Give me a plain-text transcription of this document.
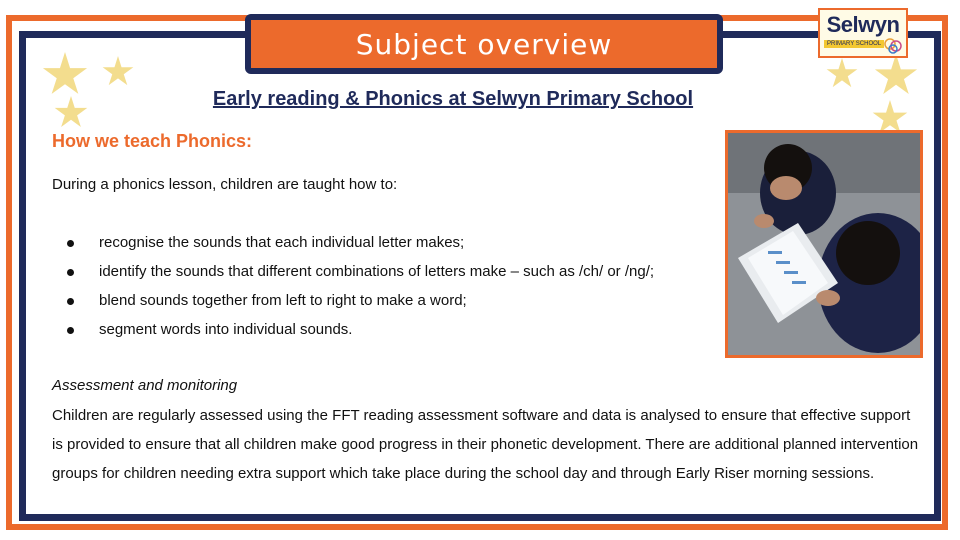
Subject overview
Selwyn
PRIMARY SCHOOL
Early reading & Phonics at Selwyn Primary School
How we teach Phonics:
During a phonics lesson, children are taught how to:
recognise the sounds that each individual letter makes;
identify the sounds that different combinations of letters make – such as /ch/ or /ng/;
blend sounds together from left to right to make a word;
segment words into individual sounds.
Assessment and monitoring
Children are regularly assessed using the FFT reading assessment software and data is analysed to ensure that effective support is provided to ensure that all children make good progress in their phonetic development. There are additional planned intervention groups for children needing extra support which take place during the school day and through Early Riser morning sessions.
